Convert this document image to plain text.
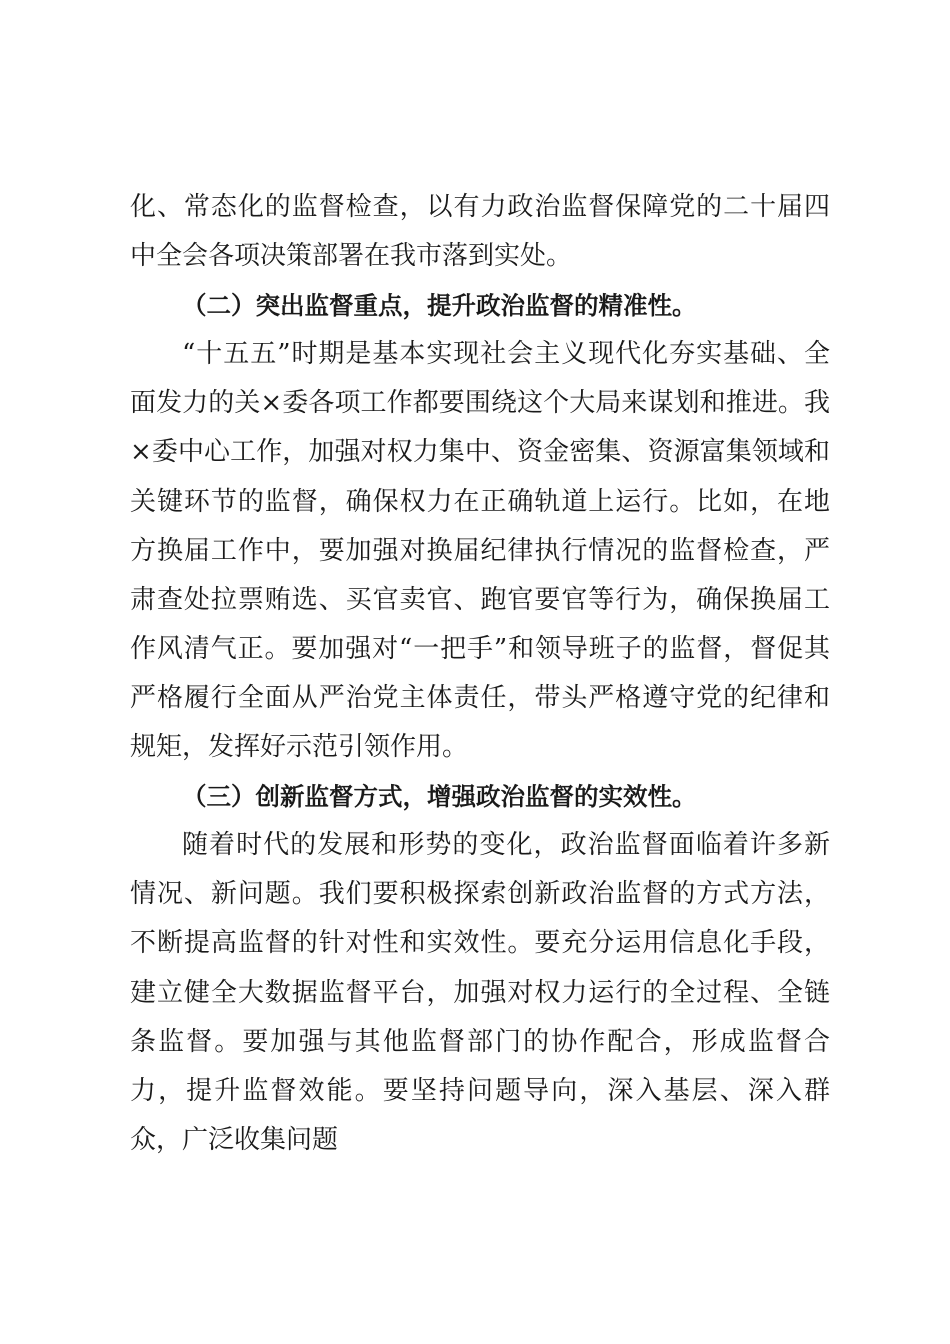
化、常态化的监督检查，以有力政治监督保障党的二十届四中全会各项决策部署在我市落到实处。

（二）突出监督重点，提升政治监督的精准性。

“十五五”时期是基本实现社会主义现代化夯实基础、全面发力的关×委各项工作都要围绕这个大局来谋划和推进。我×委中心工作，加强对权力集中、资金密集、资源富集领域和关键环节的监督，确保权力在正确轨道上运行。比如，在地方换届工作中，要加强对换届纪律执行情况的监督检查，严肃查处拉票贿选、买官卖官、跑官要官等行为，确保换届工作风清气正。要加强对“一把手”和领导班子的监督，督促其严格履行全面从严治党主体责任，带头严格遵守党的纪律和规矩，发挥好示范引领作用。

（三）创新监督方式，增强政治监督的实效性。

随着时代的发展和形势的变化，政治监督面临着许多新情况、新问题。我们要积极探索创新政治监督的方式方法，不断提高监督的针对性和实效性。要充分运用信息化手段，建立健全大数据监督平台，加强对权力运行的全过程、全链条监督。要加强与其他监督部门的协作配合，形成监督合力，提升监督效能。要坚持问题导向，深入基层、深入群众，广泛收集问题
